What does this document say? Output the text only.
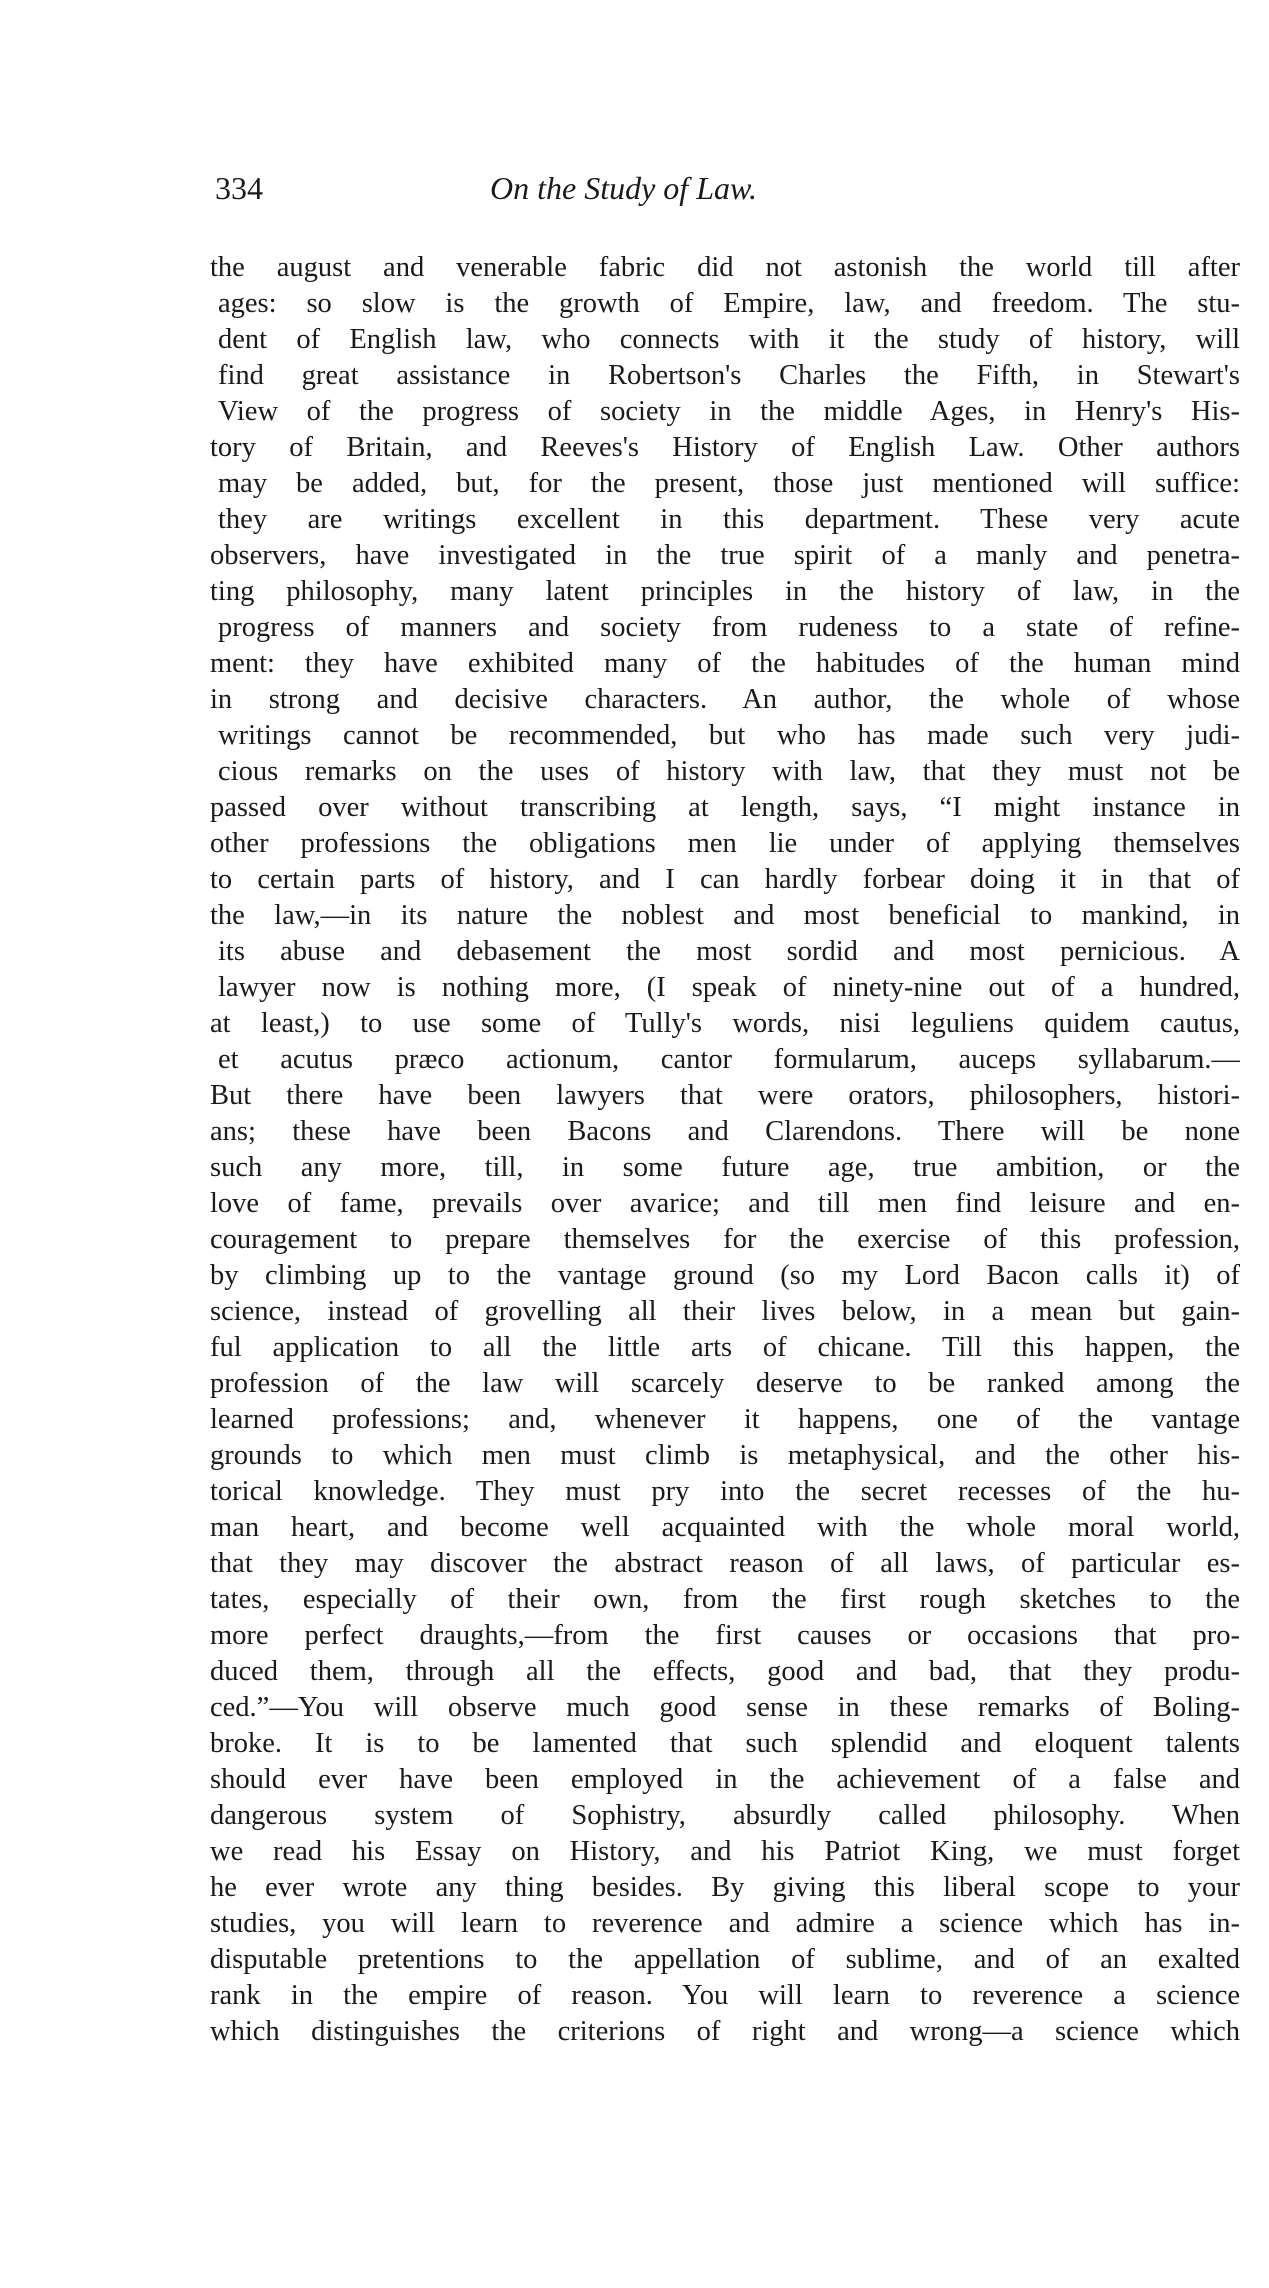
334	On the Study of Law.
the august and venerable fabric did not astonish the world till after
ages: so slow is the growth of Empire, law, and freedom. The stu-
dent of English law, who connects with it the study of history, will
find great assistance in Robertson's Charles the Fifth, in Stewart's
View of the progress of society in the middle Ages, in Henry's His-
tory of Britain, and Reeves's History of English Law. Other authors
may be added, but, for the present, those just mentioned will suffice:
they are writings excellent in this department. These very acute
observers, have investigated in the true spirit of a manly and penetra-
ting philosophy, many latent principles in the history of law, in the
progress of manners and society from rudeness to a state of refine-
ment: they have exhibited many of the habitudes of the human mind
in strong and decisive characters. An author, the whole of whose
writings cannot be recommended, but who has made such very judi-
cious remarks on the uses of history with law, that they must not be
passed over without transcribing at length, says, “I might instance in
other professions the obligations men lie under of applying themselves
to certain parts of history, and I can hardly forbear doing it in that of
the law,—in its nature the noblest and most beneficial to mankind, in
its abuse and debasement the most sordid and most pernicious. A
lawyer now is nothing more, (I speak of ninety-nine out of a hundred,
at least,) to use some of Tully's words, nisi leguliens quidem cautus,
et acutus præco actionum, cantor formularum, auceps syllabarum.—
But there have been lawyers that were orators, philosophers, histori-
ans; these have been Bacons and Clarendons. There will be none
such any more, till, in some future age, true ambition, or the
love of fame, prevails over avarice; and till men find leisure and en-
couragement to prepare themselves for the exercise of this profession,
by climbing up to the vantage ground (so my Lord Bacon calls it) of
science, instead of grovelling all their lives below, in a mean but gain-
ful application to all the little arts of chicane. Till this happen, the
profession of the law will scarcely deserve to be ranked among the
learned professions; and, whenever it happens, one of the vantage
grounds to which men must climb is metaphysical, and the other his-
torical knowledge. They must pry into the secret recesses of the hu-
man heart, and become well acquainted with the whole moral world,
that they may discover the abstract reason of all laws, of particular es-
tates, especially of their own, from the first rough sketches to the
more perfect draughts,—from the first causes or occasions that pro-
duced them, through all the effects, good and bad, that they produ-
ced.”—You will observe much good sense in these remarks of Boling-
broke. It is to be lamented that such splendid and eloquent talents
should ever have been employed in the achievement of a false and
dangerous system of Sophistry, absurdly called philosophy. When
we read his Essay on History, and his Patriot King, we must forget
he ever wrote any thing besides. By giving this liberal scope to your
studies, you will learn to reverence and admire a science which has in-
disputable pretentions to the appellation of sublime, and of an exalted
rank in the empire of reason. You will learn to reverence a science
which distinguishes the criterions of right and wrong—a science which
